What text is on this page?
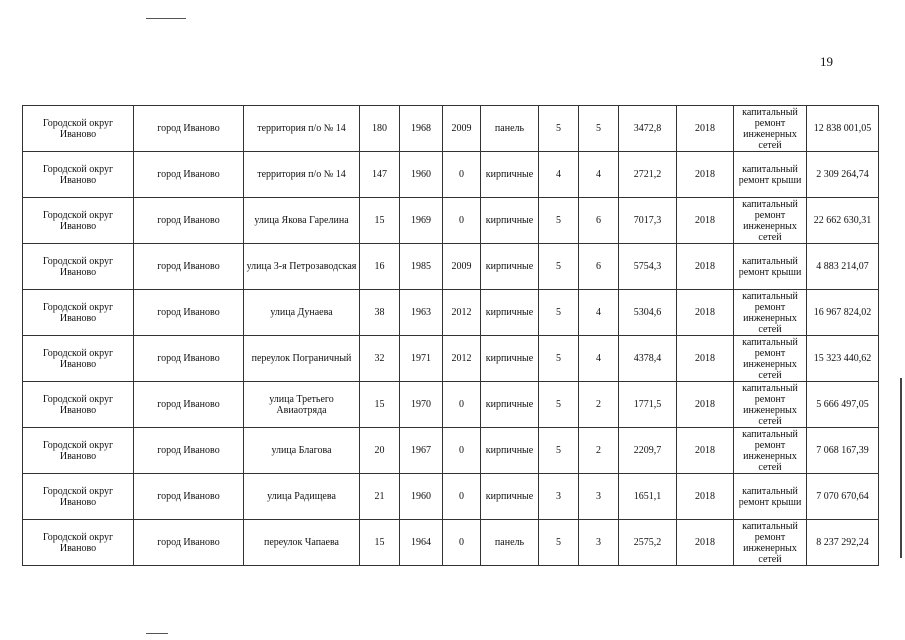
19
Городской округ Иваново	город Иваново	территория п/о № 14	180	1968	2009	панель	5	5	3472,8	2018	капитальный ремонт инженерных сетей	12 838 001,05
Городской округ Иваново	город Иваново	территория п/о № 14	147	1960	0	кирпичные	4	4	2721,2	2018	капитальный ремонт крыши	2 309 264,74
Городской округ Иваново	город Иваново	улица Якова Гарелина	15	1969	0	кирпичные	5	6	7017,3	2018	капитальный ремонт инженерных сетей	22 662 630,31
Городской округ Иваново	город Иваново	улица 3-я Петрозаводская	16	1985	2009	кирпичные	5	6	5754,3	2018	капитальный ремонт крыши	4 883 214,07
Городской округ Иваново	город Иваново	улица Дунаева	38	1963	2012	кирпичные	5	4	5304,6	2018	капитальный ремонт инженерных сетей	16 967 824,02
Городской округ Иваново	город Иваново	переулок Пограничный	32	1971	2012	кирпичные	5	4	4378,4	2018	капитальный ремонт инженерных сетей	15 323 440,62
Городской округ Иваново	город Иваново	улица Третьего Авиаотряда	15	1970	0	кирпичные	5	2	1771,5	2018	капитальный ремонт инженерных сетей	5 666 497,05
Городской округ Иваново	город Иваново	улица Благова	20	1967	0	кирпичные	5	2	2209,7	2018	капитальный ремонт инженерных сетей	7 068 167,39
Городской округ Иваново	город Иваново	улица Радищева	21	1960	0	кирпичные	3	3	1651,1	2018	капитальный ремонт крыши	7 070 670,64
Городской округ Иваново	город Иваново	переулок Чапаева	15	1964	0	панель	5	3	2575,2	2018	капитальный ремонт инженерных сетей	8 237 292,24
